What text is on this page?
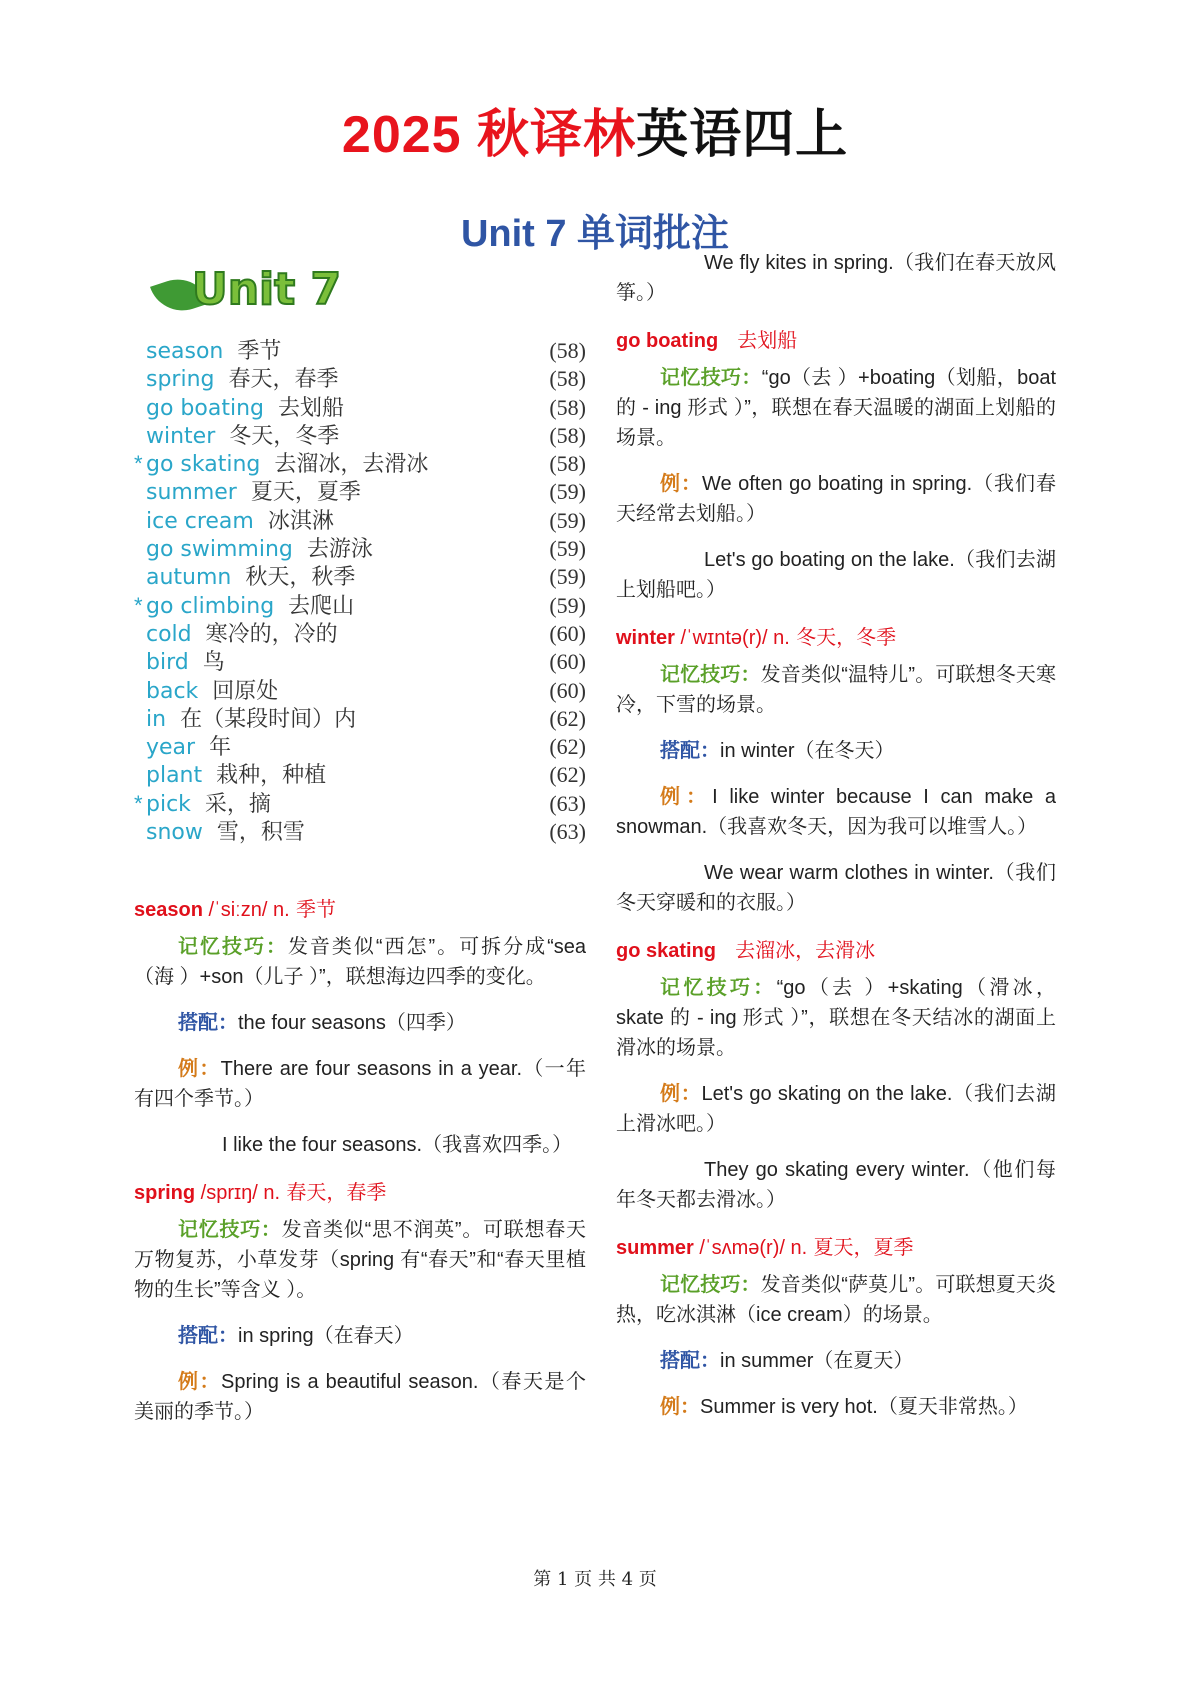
2025 秋译林英语四上
Unit 7 单词批注
Unit 7
season 季节	(58)
spring 春天，春季	(58)
go boating 去划船	(58)
winter 冬天，冬季	(58)
* go skating 去溜冰，去滑冰	(58)
summer 夏天，夏季	(59)
ice cream 冰淇淋	(59)
go swimming 去游泳	(59)
autumn 秋天，秋季	(59)
* go climbing 去爬山	(59)
cold 寒冷的，冷的	(60)
bird 鸟	(60)
back 回原处	(60)
in 在（某段时间）内	(62)
year 年	(62)
plant 栽种，种植	(62)
* pick 采，摘	(63)
snow 雪，积雪	(63)
season /ˈsiːzn/ n. 季节

记忆技巧：发音类似“西怎”。可拆分成“sea（海 ）+son（儿子 ）”，联想海边四季的变化。

搭配：the four seasons（四季）

例：There are four seasons in a year.（一年有四个季节。）

I like the four seasons.（我喜欢四季。）

spring /sprɪŋ/ n. 春天，春季

记忆技巧：发音类似“思不润英”。可联想春天万物复苏，小草发芽（spring 有“春天”和“春天里植物的生长”等含义 ）。

搭配：in spring（在春天）

例：Spring is a beautiful season.（春天是个美丽的季节。）

We fly kites in spring.（我们在春天放风筝。）

go boating   去划船

记忆技巧：“go（去 ）+boating（划船，boat 的 - ing 形式 ）”，联想在春天温暖的湖面上划船的场景。

例：We often go boating in spring.（我们春天经常去划船。）

Let's go boating on the lake.（我们去湖上划船吧。）

winter /ˈwɪntə(r)/ n. 冬天，冬季

记忆技巧：发音类似“温特儿”。可联想冬天寒冷，下雪的场景。

搭配：in winter（在冬天）

例：I like winter because I can make a snowman.（我喜欢冬天，因为我可以堆雪人。）

We wear warm clothes in winter.（我们冬天穿暖和的衣服。）

go skating   去溜冰，去滑冰

记忆技巧：“go（去 ）+skating（滑冰，skate 的 - ing 形式 ）”，联想在冬天结冰的湖面上滑冰的场景。

例：Let's go skating on the lake.（我们去湖上滑冰吧。）

They go skating every winter.（他们每年冬天都去滑冰。）

summer /ˈsʌmə(r)/ n. 夏天，夏季

记忆技巧：发音类似“萨莫儿”。可联想夏天炎热，吃冰淇淋（ice cream）的场景。

搭配：in summer（在夏天）

例：Summer is very hot.（夏天非常热。）

第 1 页 共 4 页
